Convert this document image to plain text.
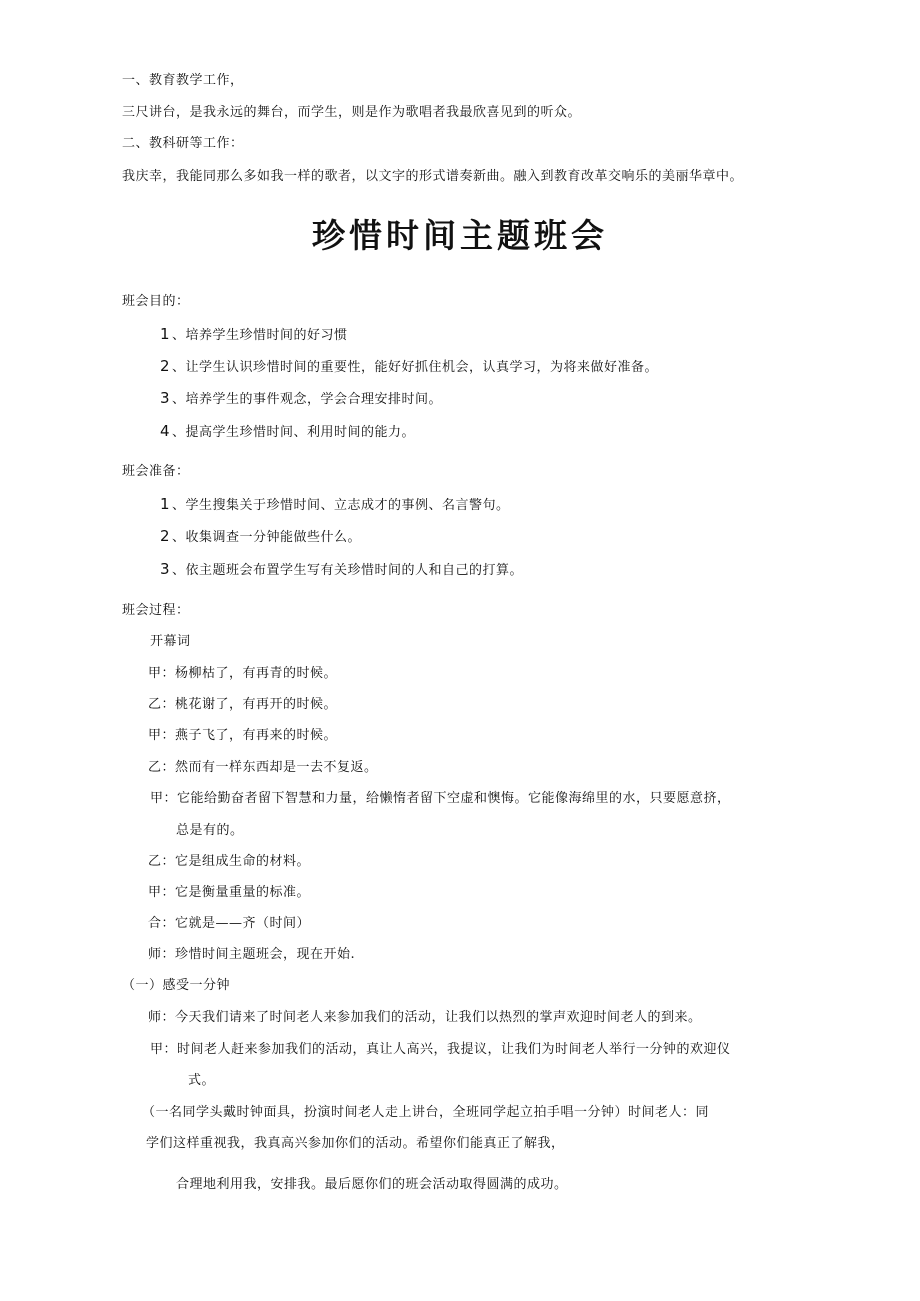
一、教育教学工作，
三尺讲台，是我永远的舞台，而学生，则是作为歌唱者我最欣喜见到的听众。
二、教科研等工作：
我庆幸，我能同那么多如我一样的歌者，以文字的形式谱奏新曲。融入到教育改革交响乐的美丽华章中。
珍惜时间主题班会
班会目的：
1 、培养学生珍惜时间的好习惯
2 、让学生认识珍惜时间的重要性，能好好抓住机会，认真学习，为将来做好准备。
3 、培养学生的事件观念，学会合理安排时间。
4 、提高学生珍惜时间、利用时间的能力。
班会准备：
1 、学生搜集关于珍惜时间、立志成才的事例、名言警句。
2 、收集调查一分钟能做些什么。
3 、依主题班会布置学生写有关珍惜时间的人和自己的打算。
班会过程：
开幕词
甲：杨柳枯了，有再青的时候。
乙：桃花谢了，有再开的时候。
甲：燕子飞了，有再来的时候。
乙：然而有一样东西却是一去不复返。
甲：它能给勤奋者留下智慧和力量，给懒惰者留下空虚和懊悔。它能像海绵里的水，只要愿意挤，
总是有的。
乙：它是组成生命的材料。
甲：它是衡量重量的标准。
合：它就是——齐（时间）
师：珍惜时间主题班会，现在开始.
（一）感受一分钟
师：今天我们请来了时间老人来参加我们的活动，让我们以热烈的掌声欢迎时间老人的到来。
甲：时间老人赶来参加我们的活动，真让人高兴，我提议，让我们为时间老人举行一分钟的欢迎仪
式。
（一名同学头戴时钟面具，扮演时间老人走上讲台，全班同学起立拍手唱一分钟）时间老人：同
学们这样重视我，我真高兴参加你们的活动。希望你们能真正了解我，
合理地利用我，安排我。最后愿你们的班会活动取得圆满的成功。
